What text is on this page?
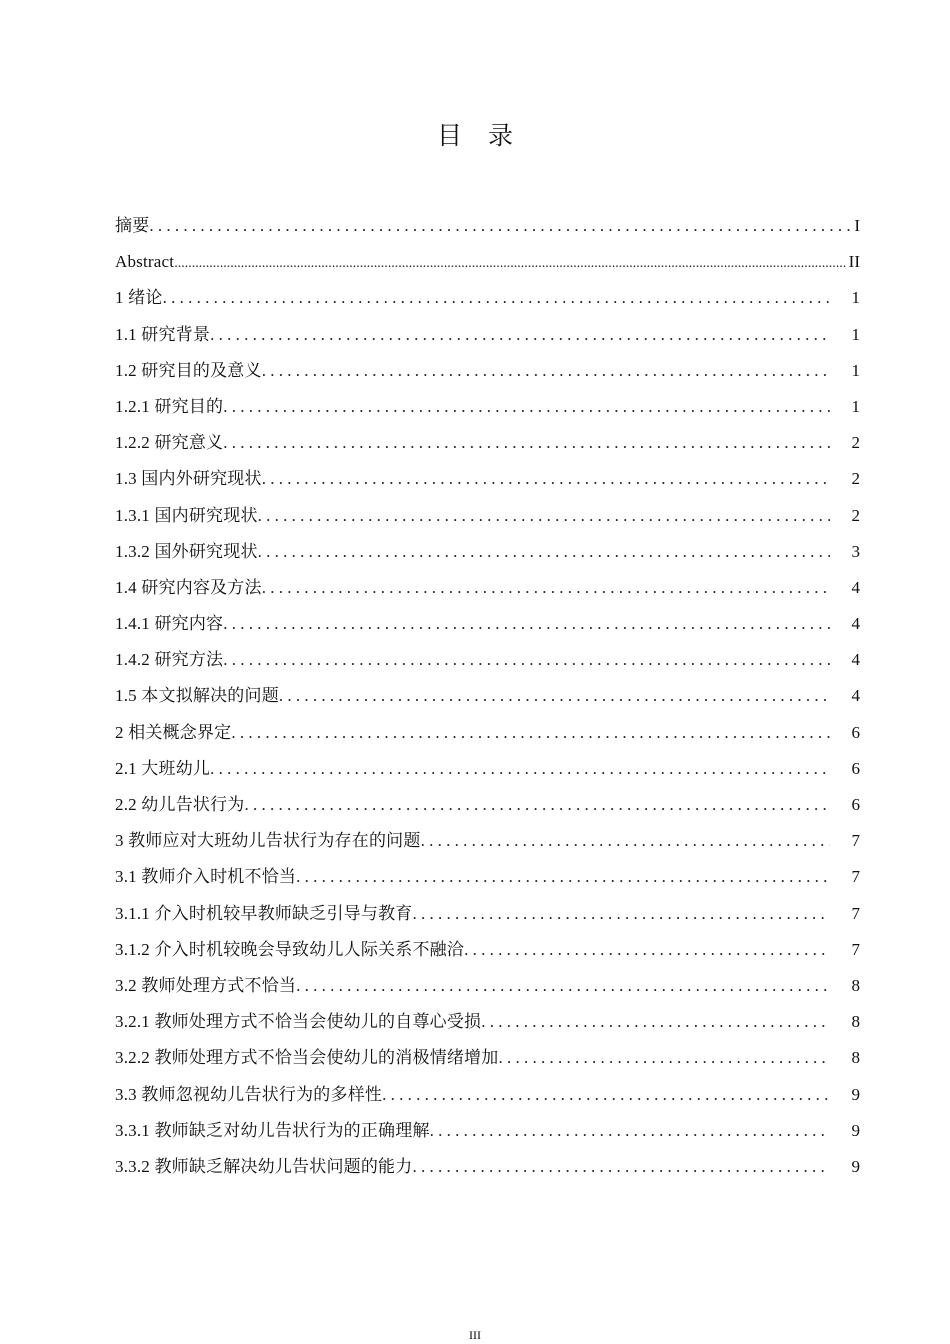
目录
摘要 . . .	I
Abstract .....	II
1 绪论 . . .	1
1.1 研究背景 . . .	1
1.2 研究目的及意义 . . .	1
1.2.1 研究目的 . . .	1
1.2.2 研究意义 . . .	2
1.3 国内外研究现状 . . .	2
1.3.1 国内研究现状 . . .	2
1.3.2 国外研究现状 . . .	3
1.4 研究内容及方法 . . .	4
1.4.1 研究内容 . . .	4
1.4.2 研究方法 . . .	4
1.5 本文拟解决的问题 . . .	4
2 相关概念界定 . . .	6
2.1 大班幼儿 . . .	6
2.2 幼儿告状行为 . . .	6
3 教师应对大班幼儿告状行为存在的问题 . . .	7
3.1 教师介入时机不恰当 . . .	7
3.1.1 介入时机较早教师缺乏引导与教育 . . .	7
3.1.2 介入时机较晚会导致幼儿人际关系不融洽 . . .	7
3.2 教师处理方式不恰当 . . .	8
3.2.1 教师处理方式不恰当会使幼儿的自尊心受损 . . .	8
3.2.2 教师处理方式不恰当会使幼儿的消极情绪增加 . . .	8
3.3 教师忽视幼儿告状行为的多样性 . . .	9
3.3.1 教师缺乏对幼儿告状行为的正确理解 . . .	9
3.3.2 教师缺乏解决幼儿告状问题的能力 . . .	9
III
